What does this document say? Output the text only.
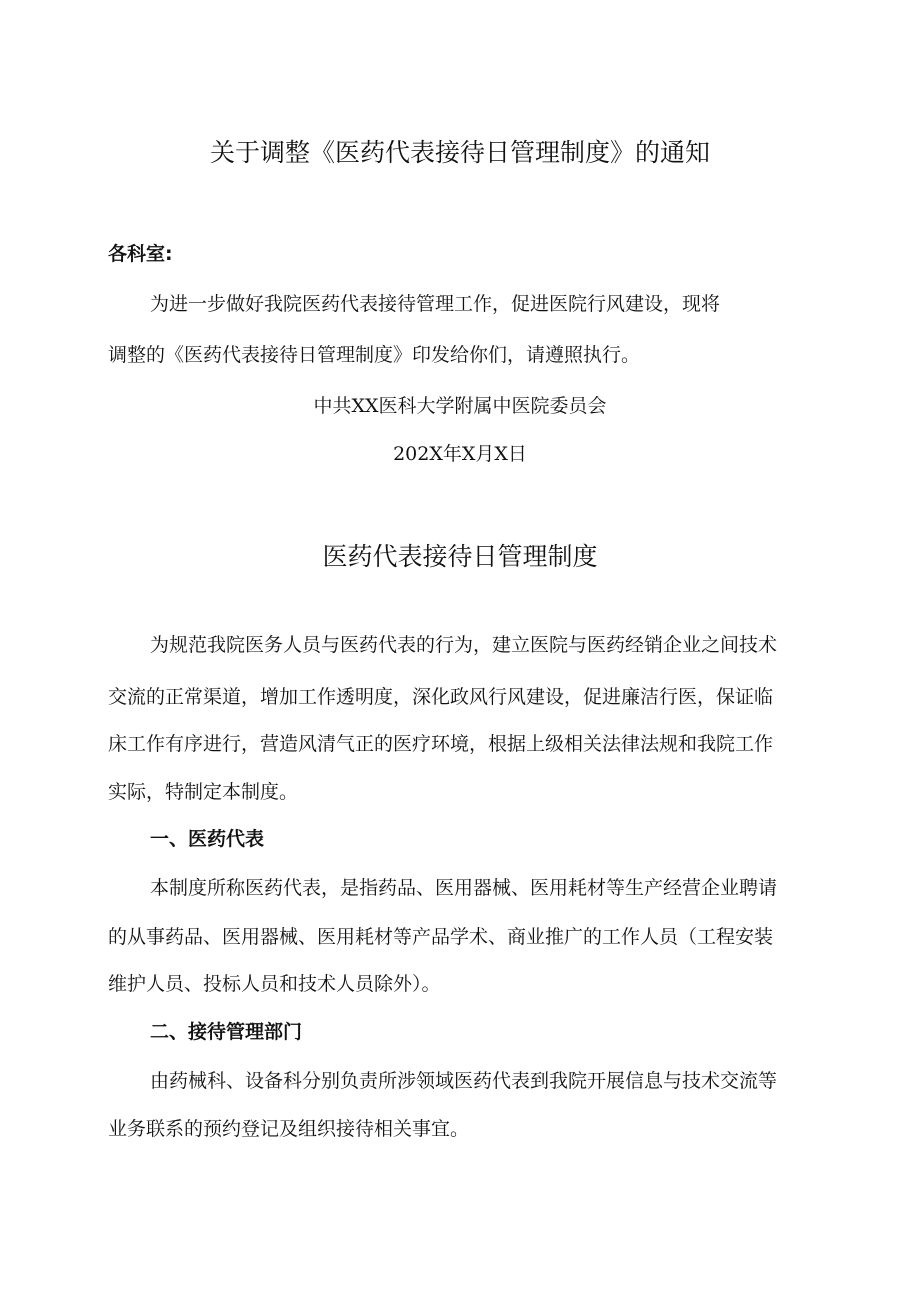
关于调整《医药代表接待日管理制度》的通知

各科室:

为进一步做好我院医药代表接待管理工作，促进医院行风建设，现将

调整的《医药代表接待日管理制度》印发给你们，请遵照执行。

中共XX医科大学附属中医院委员会

202X年X月X日

医药代表接待日管理制度

为规范我院医务人员与医药代表的行为，建立医院与医药经销企业之间技术

交流的正常渠道，增加工作透明度，深化政风行风建设，促进廉洁行医，保证临

床工作有序进行，营造风清气正的医疗环境，根据上级相关法律法规和我院工作

实际，特制定本制度。

一、医药代表

本制度所称医药代表，是指药品、医用器械、医用耗材等生产经营企业聘请

的从事药品、医用器械、医用耗材等产品学术、商业推广的工作人员（工程安装

维护人员、投标人员和技术人员除外）。

二、接待管理部门

由药械科、设备科分别负责所涉领域医药代表到我院开展信息与技术交流等

业务联系的预约登记及组织接待相关事宜。
